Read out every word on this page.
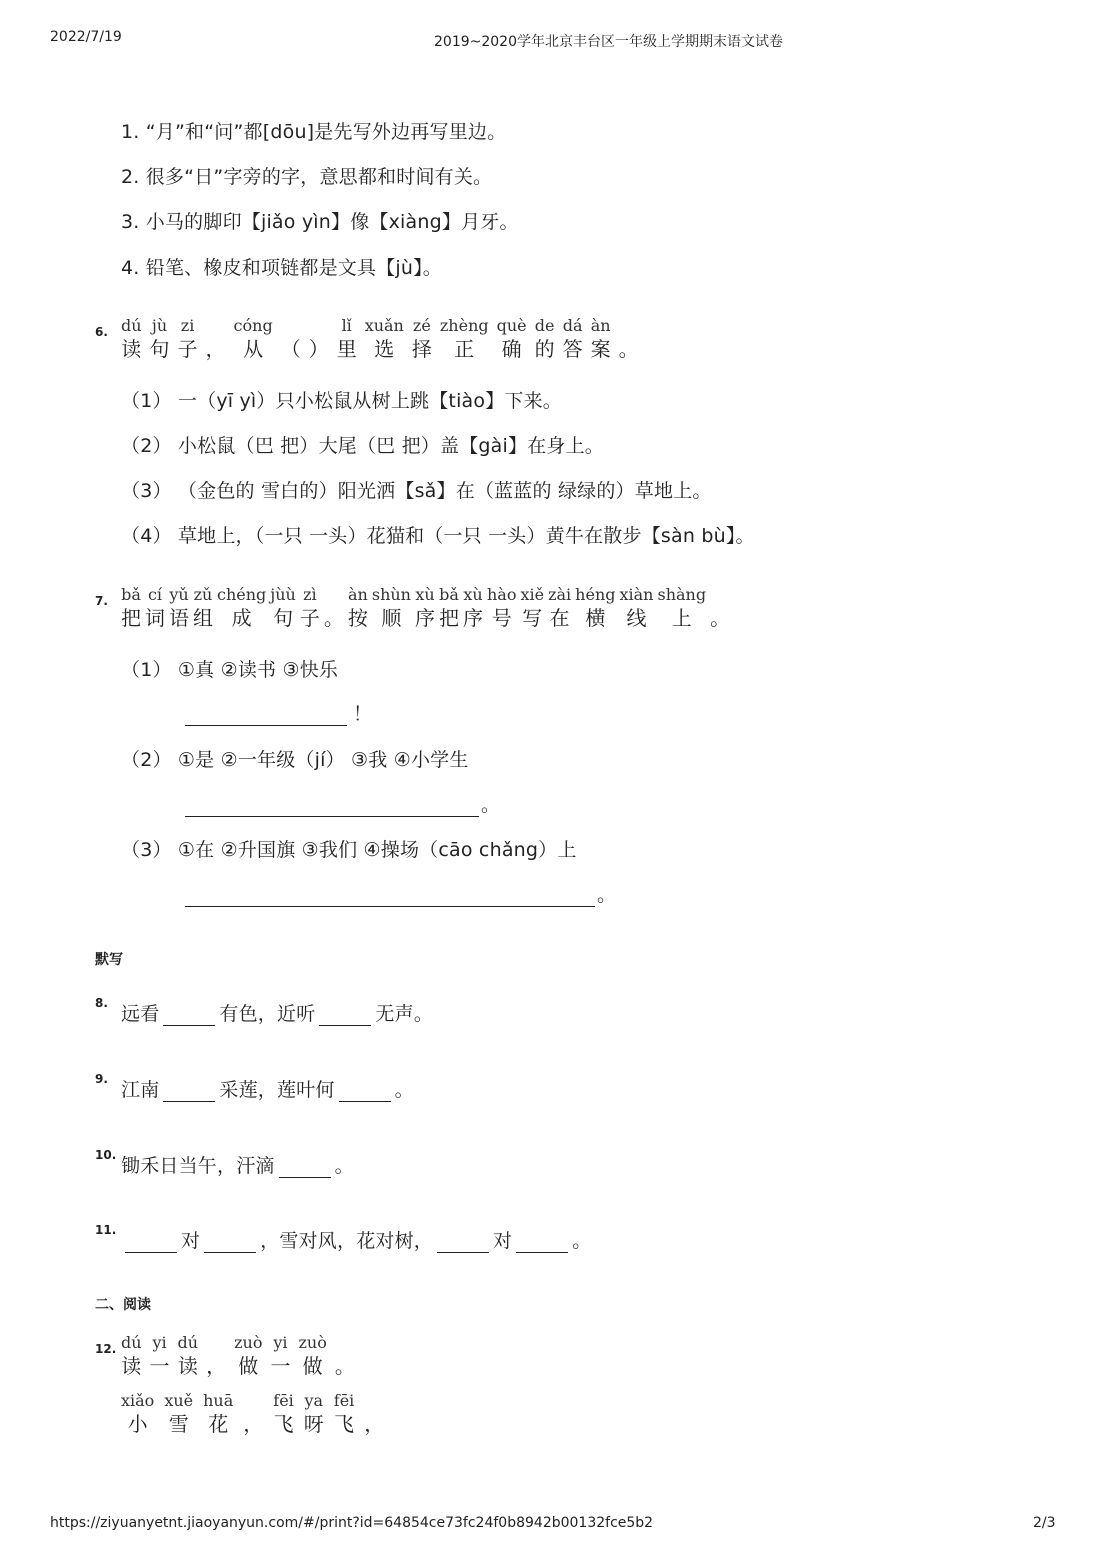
2022/7/19	2019~2020学年北京丰台区一年级上学期期末语文试卷
1. “月”和“问”都[dōu]是先写外边再写里边。
2. 很多“日”字旁的字，意思都和时间有关。
3. 小马的脚印【jiǎo yìn】像【xiàng】月牙。
4. 铅笔、橡皮和项链都是文具【jù】。
6. dú
读
jù
句
zi
子 ，
cóng
从 （ ）
lǐ
里
xuǎn
选
zé
择
zhèng
正
què
确
de
的
dá
答
àn
案 。
（1） 一（yī yì）只小松鼠从树上跳【tiào】下来。
（2） 小松鼠（巴 把）大尾（巴 把）盖【gài】在身上。
（3） （金色的 雪白的）阳光洒【sǎ】在（蓝蓝的 绿绿的）草地上。
（4） 草地上，（一只 一头）花猫和（一只 一头）黄牛在散步【sàn bù】。
7. bǎ
把
cí
词
yǔ
语
zǔ
组
chéng
成
jùù
句
zì
子 。
àn
按
shùn
顺
xù
序
bǎ
把
xù
序
hào
号
xiě
写
zài
在
héng
横
xiàn
线
shàng
上 。
（1） ①真 ②读书 ③快乐
！
（2） ①是 ②一年级（jí） ③我 ④小学生
。
（3） ①在 ②升国旗 ③我们 ④操场（cāo chǎng）上
。
默写
8. 远看	有色，近听	无声。
9. 江南	采莲，莲叶何	。
10. 锄禾日当午，汗滴	。
11.	对	，雪对风，花对树，	对	。
二、阅读
12. dú
读
yi
一
dú
读 ，
zuò
做
yi
一
zuò
做 。
xiǎo
小
xuě
雪
huā
花 ，
fēi
飞
ya
呀
fēi
飞 ，
https://ziyuanyetnt.jiaoyanyun.com/#/print?id=64854ce73fc24f0b8942b00132fce5b2	2/3
